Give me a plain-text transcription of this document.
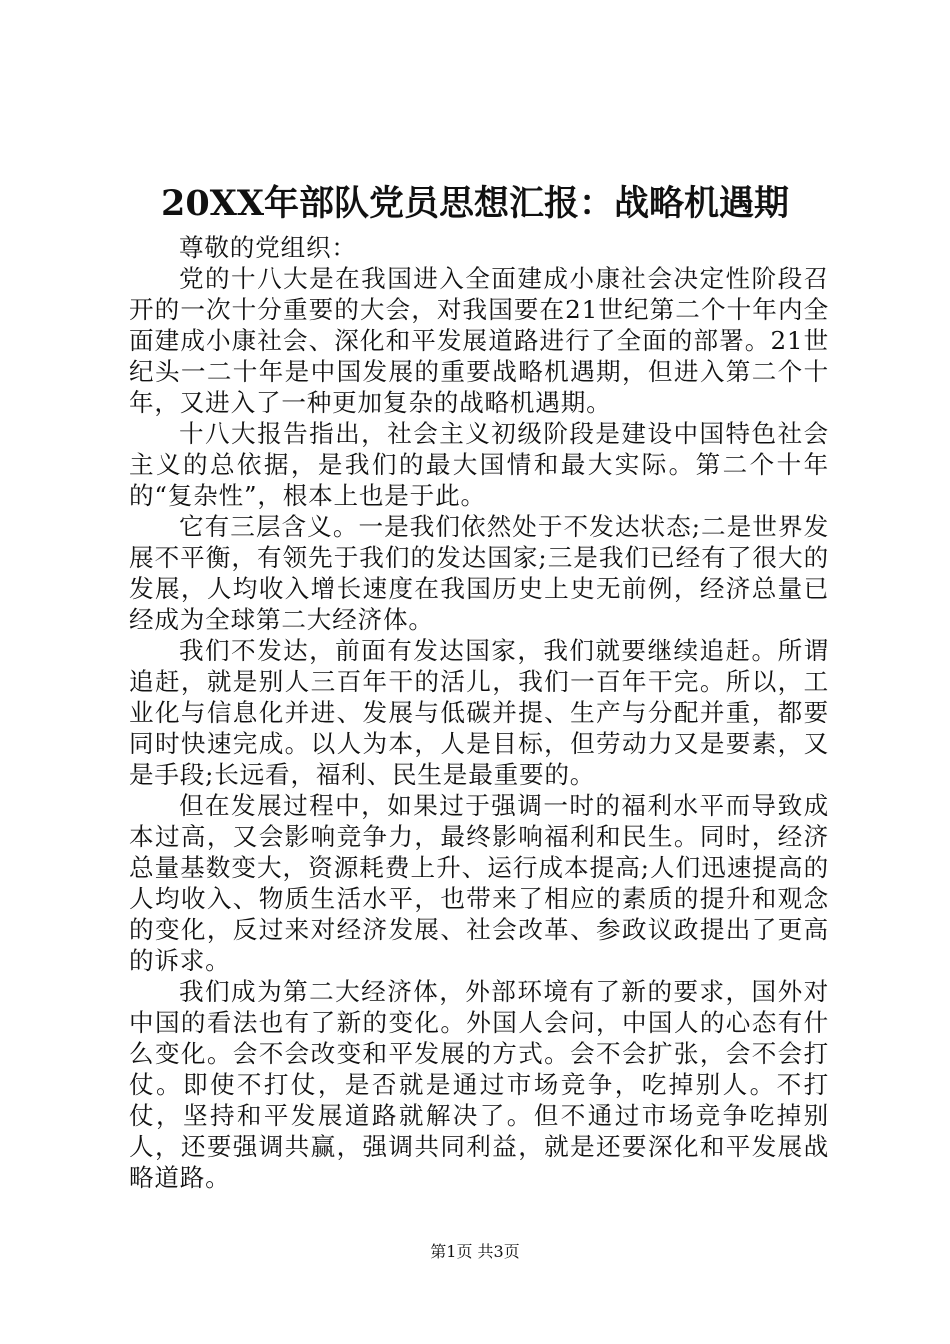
20XX年部队党员思想汇报：战略机遇期

尊敬的党组织：

党的十八大是在我国进入全面建成小康社会决定性阶段召开的一次十分重要的大会，对我国要在21世纪第二个十年内全面建成小康社会、深化和平发展道路进行了全面的部署。21世纪头一二十年是中国发展的重要战略机遇期，但进入第二个十年，又进入了一种更加复杂的战略机遇期。

十八大报告指出，社会主义初级阶段是建设中国特色社会主义的总依据，是我们的最大国情和最大实际。第二个十年的“复杂性”，根本上也是于此。

它有三层含义。一是我们依然处于不发达状态;二是世界发展不平衡，有领先于我们的发达国家;三是我们已经有了很大的发展，人均收入增长速度在我国历史上史无前例，经济总量已经成为全球第二大经济体。

我们不发达，前面有发达国家，我们就要继续追赶。所谓追赶，就是别人三百年干的活儿，我们一百年干完。所以，工业化与信息化并进、发展与低碳并提、生产与分配并重，都要同时快速完成。以人为本，人是目标，但劳动力又是要素，又是手段;长远看，福利、民生是最重要的。

但在发展过程中，如果过于强调一时的福利水平而导致成本过高，又会影响竞争力，最终影响福利和民生。同时，经济总量基数变大，资源耗费上升、运行成本提高;人们迅速提高的人均收入、物质生活水平，也带来了相应的素质的提升和观念的变化，反过来对经济发展、社会改革、参政议政提出了更高的诉求。

我们成为第二大经济体，外部环境有了新的要求，国外对中国的看法也有了新的变化。外国人会问，中国人的心态有什么变化。会不会改变和平发展的方式。会不会扩张，会不会打仗。即使不打仗，是否就是通过市场竞争，吃掉别人。不打仗，坚持和平发展道路就解决了。但不通过市场竞争吃掉别人，还要强调共赢，强调共同利益，就是还要深化和平发展战略道路。

第1页 共3页
